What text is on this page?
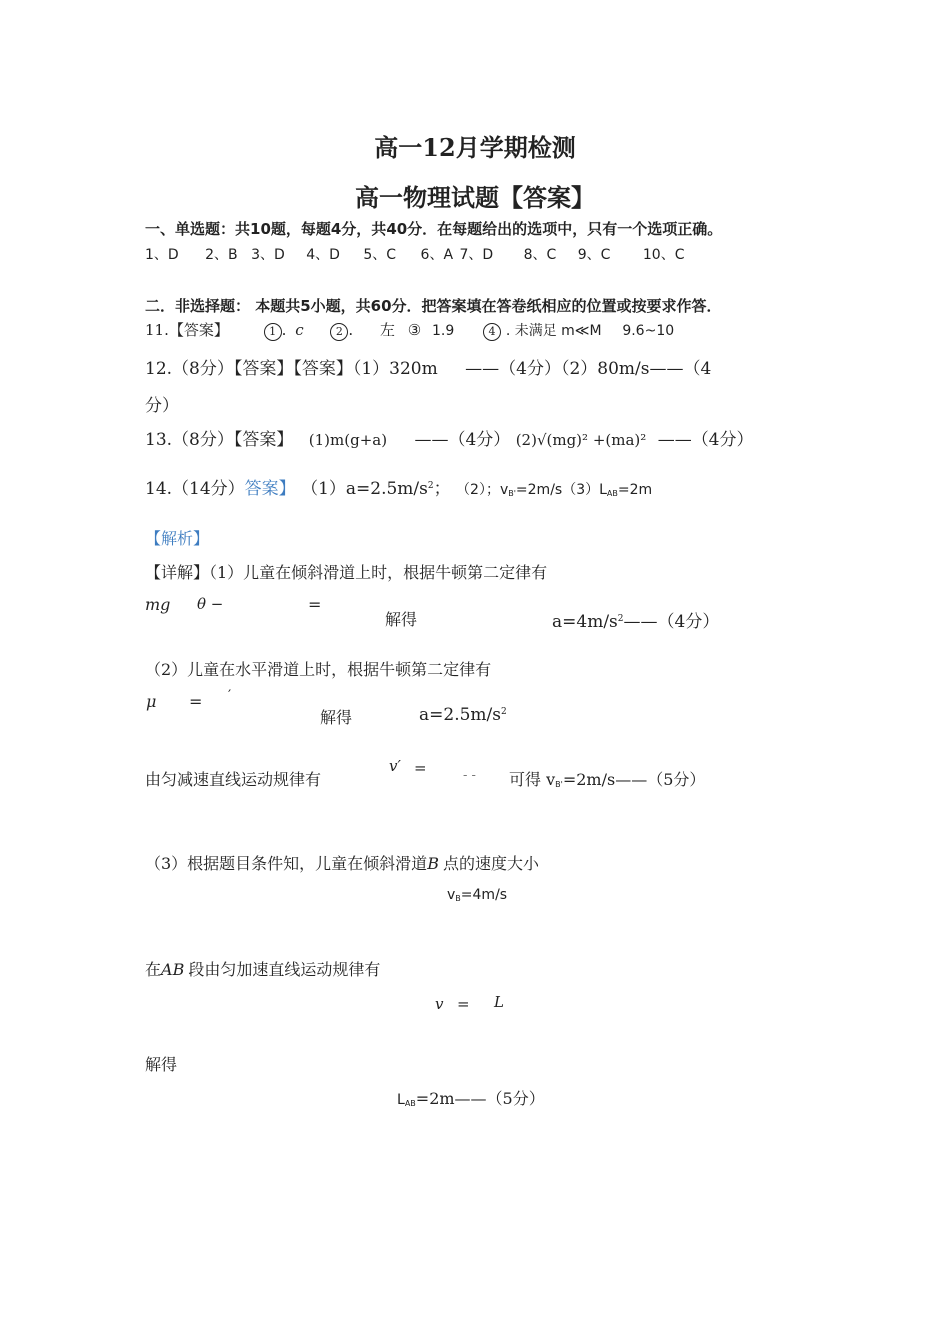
高一12月学期检测
高一物理试题【答案】
一、单选题：共10题，每题4分，共40分．在每题给出的选项中，只有一个选项正确。
1、D 2、B 3、D 4、D 5、C 6、A 7、D 8、C 9、C 10、C
二．非选择题： 本题共5小题，共60分．把答案填在答卷纸相应的位置或按要求作答．
11.【答案】	1 . c	2 . 左 ③ 1.9	4 . 未满足 m≪M 9.6~10
12.（8分）【答案】【答案】（1）320m ——（4分）（2）80m/s——（4
分）
13.（8分）【答案】 (1)m(g+a) ——（4分） (2)√(mg)² +(ma)² ——（4分）
14.（14分）答案】 $(1)a=2.5m/s^2$； （2）；$v_{B'}=2m/s(3)L_{AB}=2m$
【解析】
【详解】（1）儿童在倾斜滑道上时，根据牛顿第二定律有
mg θ −	=
解得	$a=4m/s^2——(4$分）
（2）儿童在水平滑道上时，根据牛顿第二定律有
μ = ′
解得	$a=2.5m/s^2$
由匀减速直线运动规律有
v′ =	- - 可得 $v_{B'}=2m/s——(5$分）
（3）根据题目条件知，儿童在倾斜滑道B 点的速度大小
$v_B=4m/s$
在AB 段由匀加速直线运动规律有
v = L
解得
$L_{AB}=2m——(5$分）
